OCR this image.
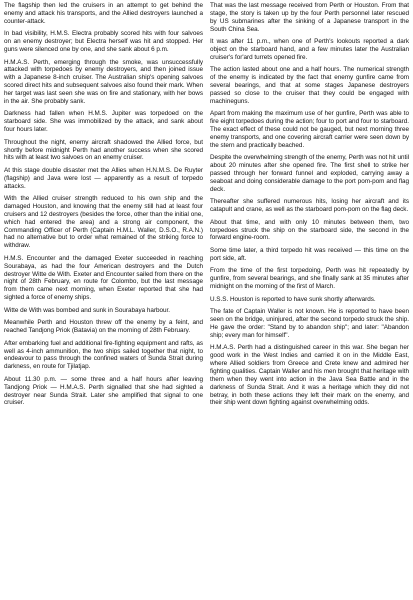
The flagship then led the cruisers in an attempt to get behind the enemy and attack his transports, and the Allied destroyers launched a counter-attack.

In bad visibility, H.M.S. Electra probably scored hits with four salvoes on an enemy destroyer; but Electra herself was hit and stopped. Her guns were silenced one by one, and she sank about 6 p.m.

H.M.A.S. Perth, emerging through the smoke, was unsuccessfully attacked with torpedoes by enemy destroyers, and then joined issue with a Japanese 8-inch cruiser. The Australian ship's opening salvoes scored direct hits and subsequent salvoes also found their mark. When her target was last seen she was on fire and stationary, with her bows in the air. She probably sank.

Darkness had fallen when H.M.S. Jupiter was torpedoed on the starboard side. She was immobilized by the attack, and sank about four hours later.

Throughout the night, enemy aircraft shadowed the Allied force, but shortly before midnight Perth had another success when she scored hits with at least two salvoes on an enemy cruiser.

At this stage double disaster met the Allies when H.N.M.S. De Ruyter (flagship) and Java were lost — apparently as a result of torpedo attacks.

With the Allied cruiser strength reduced to his own ship and the damaged Houston, and knowing that the enemy still had at least four cruisers and 12 destroyers (besides the force, other than the initial one, which had entered the area) and a strong air component, the Commanding Officer of Perth (Captain H.M.L. Waller, D.S.O., R.A.N.) had no alternative but to order what remained of the striking force to withdraw.

H.M.S. Encounter and the damaged Exeter succeeded in reaching Sourabaya, as had the four American destroyers and the Dutch destroyer Witte de With. Exeter and Encounter sailed from there on the night of 28th February, en route for Colombo, but the last message from them came next morning, when Exeter reported that she had sighted a force of enemy ships.

Witte de With was bombed and sunk in Sourabaya harbour.

Meanwhile Perth and Houston threw off the enemy by a feint, and reached Tandjong Priok (Batavia) on the morning of 28th February.

After embarking fuel and additional fire-fighting equipment and rafts, as well as 4-inch ammunition, the two ships sailed together that night, to endeavour to pass through the confined waters of Sunda Strait during darkness, en route for Tjilatjap.

About 11.30 p.m. — some three and a half hours after leaving Tandjong Priok — H.M.A.S. Perth signalled that she had sighted a destroyer near Sunda Strait. Later she amplified that signal to one cruiser.

That was the last message received from Perth or Houston. From that stage, the story is taken up by the four Perth personnel later rescued by US submarines after the sinking of a Japanese transport in the South China Sea.

It was after 11 p.m., when one of Perth's lookouts reported a dark object on the starboard hand, and a few minutes later the Australian cruiser's for'ard turrets opened fire.

The action lasted about one and a half hours. The numerical strength of the enemy is indicated by the fact that enemy gunfire came from several bearings, and that at some stages Japanese destroyers passed so close to the cruiser that they could be engaged with machineguns.

Apart from making the maximum use of her gunfire, Perth was able to fire eight torpedoes during the action; four to port and four to starboard. The exact effect of these could not be gauged, but next morning three enemy transports, and one covering aircraft carrier were seen down by the stern and practically beached.

Despite the overwhelming strength of the enemy, Perth was not hit until about 20 minutes after she opened fire. The first shell to strike her passed through her forward funnel and exploded, carrying away a seaboat and doing considerable damage to the port pom-pom and flag deck.

Thereafter she suffered numerous hits, losing her aircraft and its catapult and crane, as well as the starboard pom-pom on the flag deck.

About that time, and with only 10 minutes between them, two torpedoes struck the ship on the starboard side, the second in the forward engine-room.

Some time later, a third torpedo hit was received — this time on the port side, aft.

From the time of the first torpedoing, Perth was hit repeatedly by gunfire, from several bearings, and she finally sank at 35 minutes after midnight on the morning of the first of March.

U.S.S. Houston is reported to have sunk shortly afterwards.

The fate of Captain Waller is not known. He is reported to have been seen on the bridge, uninjured, after the second torpedo struck the ship. He gave the order: "Stand by to abandon ship"; and later: "Abandon ship; every man for himself".

H.M.A.S. Perth had a distinguished career in this war. She began her good work in the West Indies and carried it on in the Middle East, where Allied soldiers from Greece and Crete knew and admired her fighting qualities. Captain Waller and his men brought that heritage with them when they went into action in the Java Sea Battle and in the darkness of Sunda Strait. And it was a heritage which they did not betray, in both these actions they left their mark on the enemy, and their ship went down fighting against overwhelming odds.
